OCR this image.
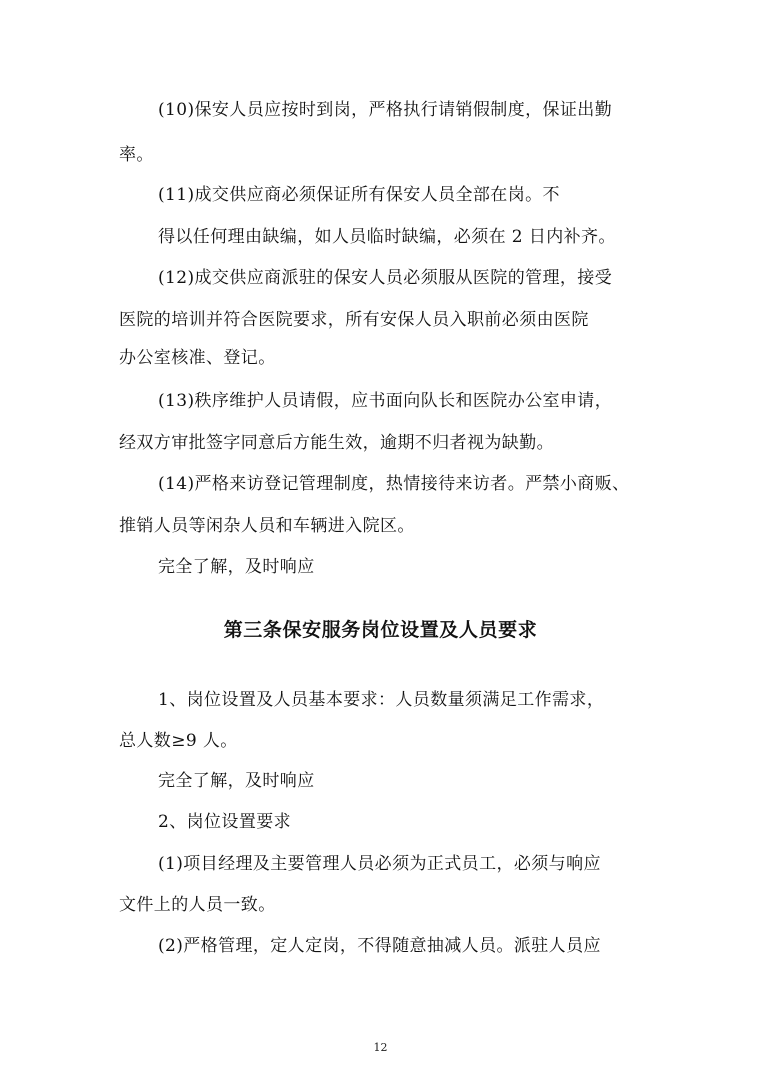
(10)保安人员应按时到岗，严格执行请销假制度，保证出勤
率。
(11)成交供应商必须保证所有保安人员全部在岗。不
得以任何理由缺编，如人员临时缺编，必须在 2 日内补齐。
(12)成交供应商派驻的保安人员必须服从医院的管理，接受
医院的培训并符合医院要求，所有安保人员入职前必须由医院
办公室核准、登记。
(13)秩序维护人员请假，应书面向队长和医院办公室申请，
经双方审批签字同意后方能生效，逾期不归者视为缺勤。
(14)严格来访登记管理制度，热情接待来访者。严禁小商贩、
推销人员等闲杂人员和车辆进入院区。
完全了解，及时响应
第三条保安服务岗位设置及人员要求
1、岗位设置及人员基本要求：人员数量须满足工作需求，
总人数≥9 人。
完全了解，及时响应
2、岗位设置要求
(1)项目经理及主要管理人员必须为正式员工，必须与响应
文件上的人员一致。
(2)严格管理，定人定岗，不得随意抽减人员。派驻人员应
12
